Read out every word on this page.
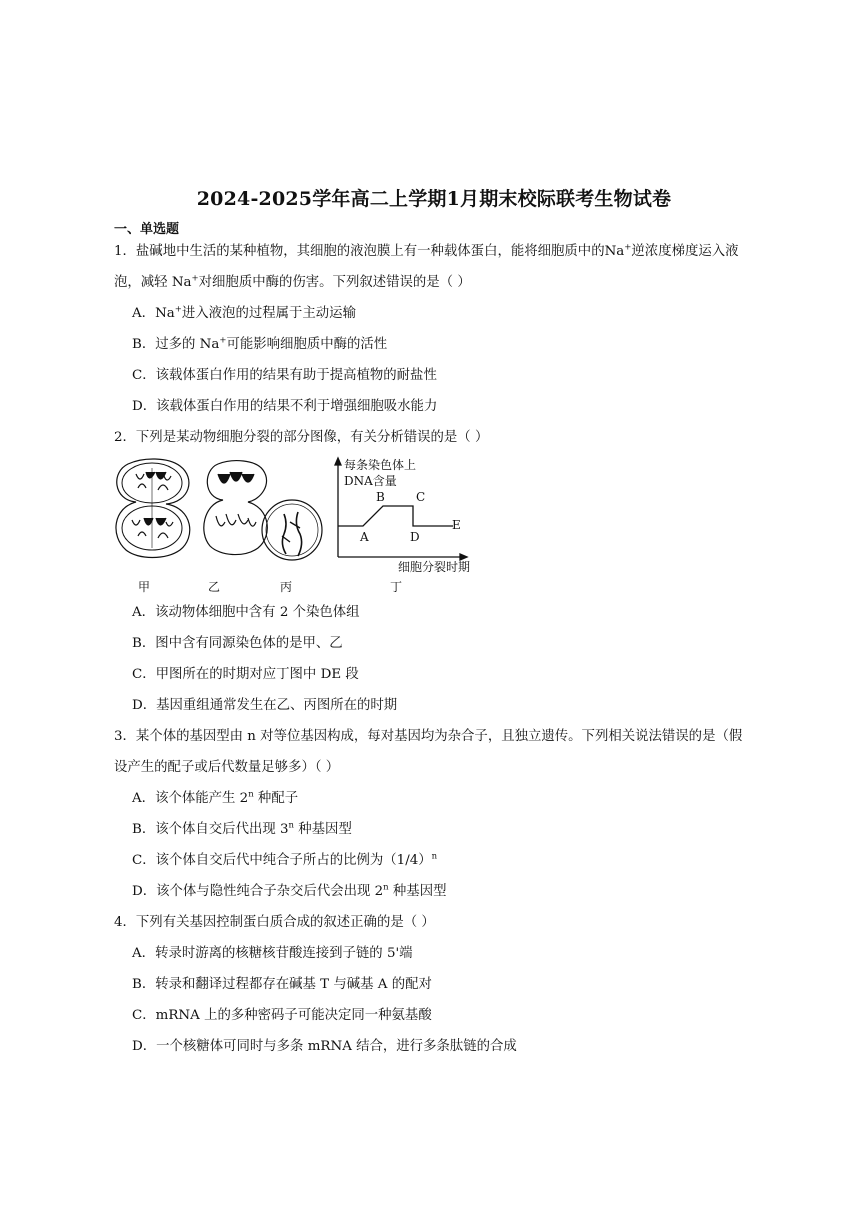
2024-2025学年高二上学期1月期末校际联考生物试卷
一、单选题
1．盐碱地中生活的某种植物，其细胞的液泡膜上有一种载体蛋白，能将细胞质中的Na+逆浓度梯度运入液
泡，减轻 Na+对细胞质中酶的伤害。下列叙述错误的是（ ）
A．Na+进入液泡的过程属于主动运输
B．过多的 Na+可能影响细胞质中酶的活性
C．该载体蛋白作用的结果有助于提高植物的耐盐性
D．该载体蛋白作用的结果不利于增强细胞吸水能力
2．下列是某动物细胞分裂的部分图像，有关分析错误的是（ ）
每条染色体上
DNA含量
A
B	C
D
E
细胞分裂时期
甲	乙	丙	丁
A．该动物体细胞中含有 2 个染色体组
B．图中含有同源染色体的是甲、乙
C．甲图所在的时期对应丁图中 DE 段
D．基因重组通常发生在乙、丙图所在的时期
3．某个体的基因型由 n 对等位基因构成，每对基因均为杂合子，且独立遗传。下列相关说法错误的是（假
设产生的配子或后代数量足够多）（ ）
A．该个体能产生 2$^n$ 种配子
B．该个体自交后代出现 3$^n$ 种基因型
C．该个体自交后代中纯合子所占的比例为$(1/4)^n$
D．该个体与隐性纯合子杂交后代会出现 2$^n$ 种基因型
4．下列有关基因控制蛋白质合成的叙述正确的是（ ）
A．转录时游离的核糖核苷酸连接到子链的 5'端
B．转录和翻译过程都存在碱基 T 与碱基 A 的配对
C．mRNA 上的多种密码子可能决定同一种氨基酸
D．一个核糖体可同时与多条 mRNA 结合，进行多条肽链的合成
